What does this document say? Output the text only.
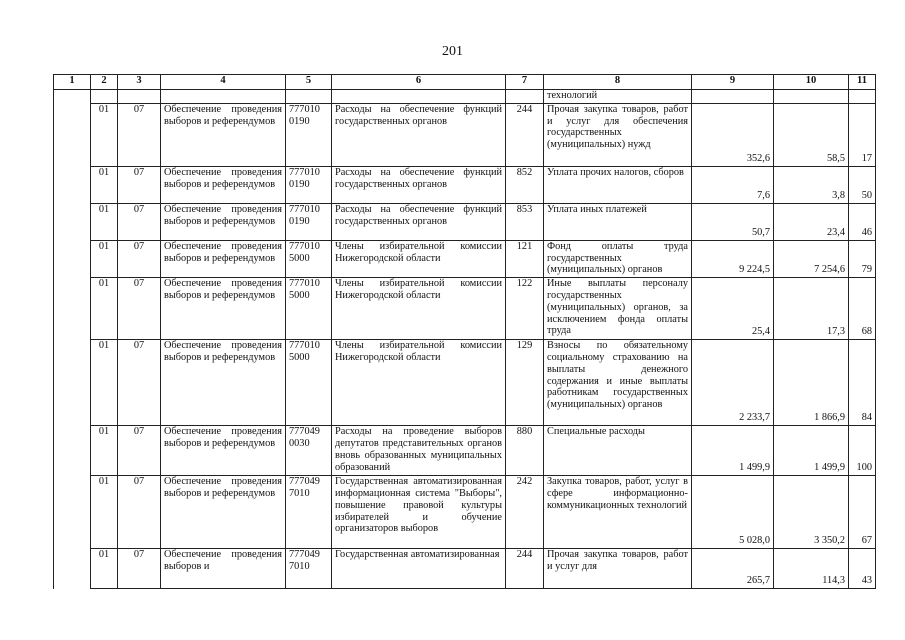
201
1	2	3	4	5	6	7	8	9	10	11
							технологий			
	01	07	Обеспечение проведения выборов и референдумов	777010 0190	Расходы на обеспечение функций государственных органов	244	Прочая закупка товаров, работ и услуг для обеспечения государственных (муниципальных) нужд	352,6	58,5	17
	01	07	Обеспечение проведения выборов и референдумов	777010 0190	Расходы на обеспечение функций государственных органов	852	Уплата прочих налогов, сборов	7,6	3,8	50
	01	07	Обеспечение проведения выборов и референдумов	777010 0190	Расходы на обеспечение функций государственных органов	853	Уплата иных платежей	50,7	23,4	46
	01	07	Обеспечение проведения выборов и референдумов	777010 5000	Члены избирательной комиссии Нижегородской области	121	Фонд оплаты труда государственных (муниципальных) органов	9 224,5	7 254,6	79
	01	07	Обеспечение проведения выборов и референдумов	777010 5000	Члены избирательной комиссии Нижегородской области	122	Иные выплаты персоналу государственных (муниципальных) органов, за исключением фонда оплаты труда	25,4	17,3	68
	01	07	Обеспечение проведения выборов и референдумов	777010 5000	Члены избирательной комиссии Нижегородской области	129	Взносы по обязательному социальному страхованию на выплаты денежного содержания и иные выплаты работникам государственных (муниципальных) органов	2 233,7	1 866,9	84
	01	07	Обеспечение проведения выборов и референдумов	777049 0030	Расходы на проведение выборов депутатов представительных органов вновь образованных муниципальных образований	880	Специальные расходы	1 499,9	1 499,9	100
	01	07	Обеспечение проведения выборов и референдумов	777049 7010	Государственная автоматизированная информационная система "Выборы", повышение правовой культуры избирателей и обучение организаторов выборов	242	Закупка товаров, работ, услуг в сфере информационно-коммуникационных технологий	5 028,0	3 350,2	67
	01	07	Обеспечение проведения выборов и	777049 7010	Государственная автоматизированная	244	Прочая закупка товаров, работ и услуг для	265,7	114,3	43
